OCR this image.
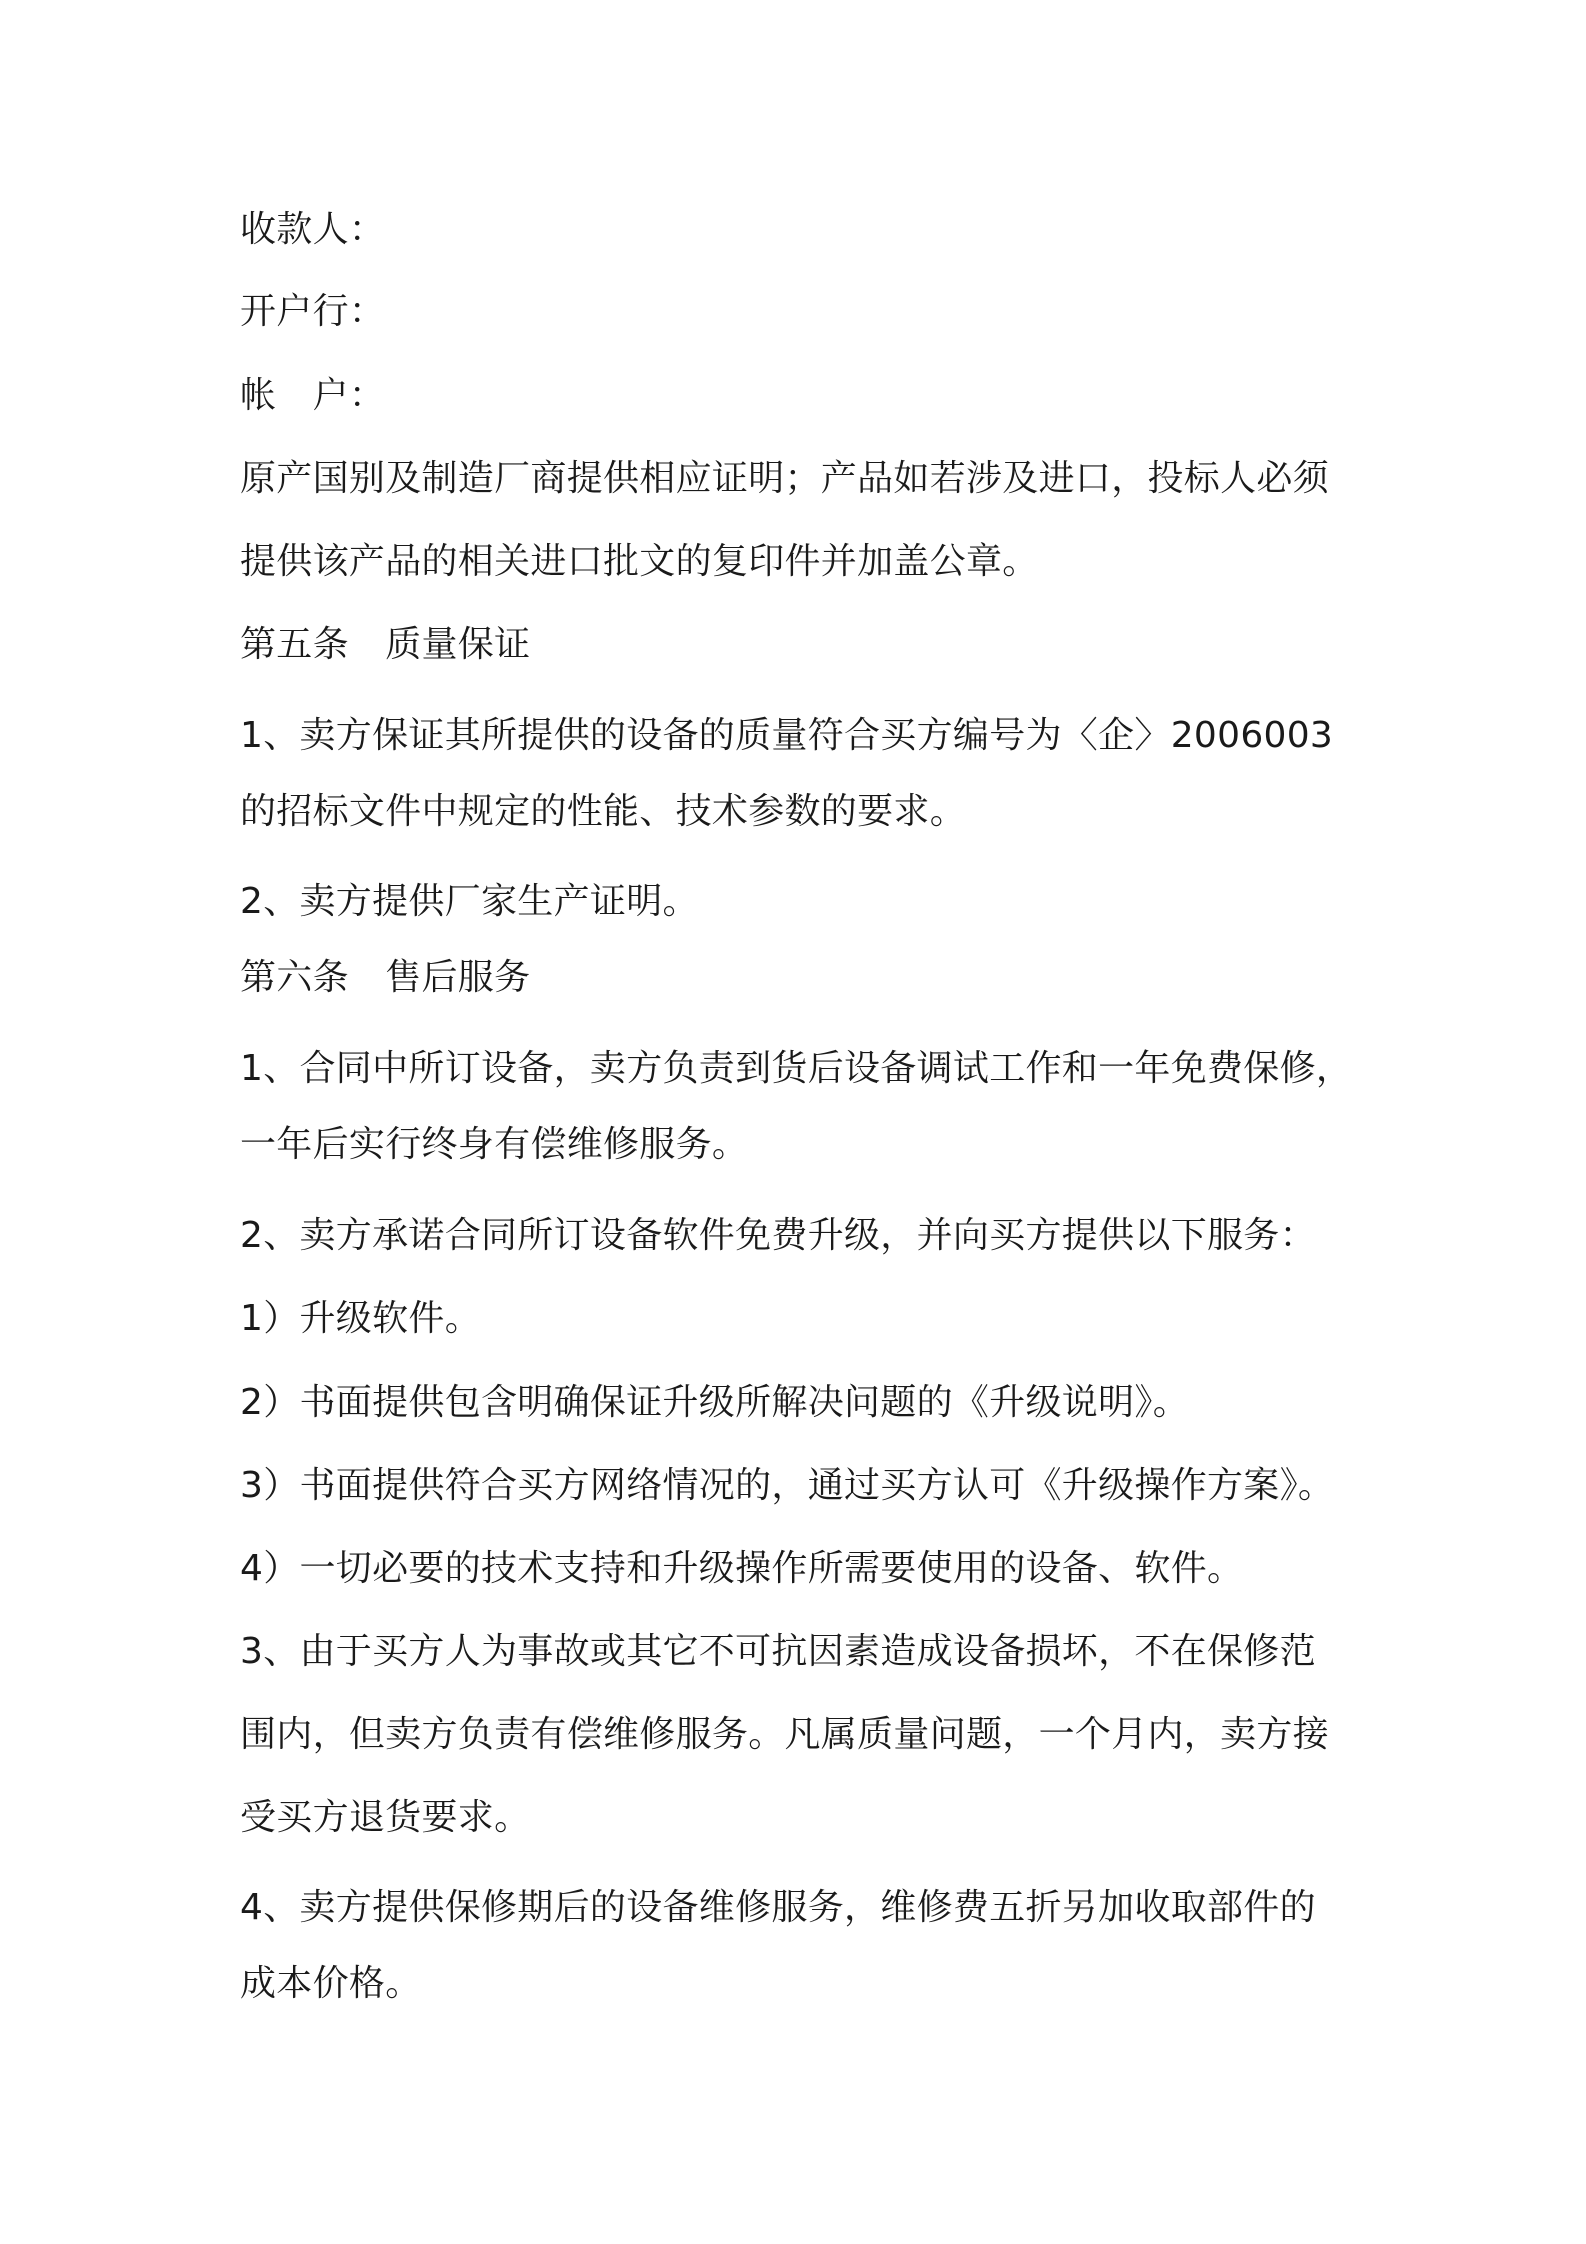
收款人：
开户行：
帐　户：
原产国别及制造厂商提供相应证明；产品如若涉及进口，投标人必须
提供该产品的相关进口批文的复印件并加盖公章。
第五条　质量保证
1、卖方保证其所提供的设备的质量符合买方编号为〈企〉2006003
的招标文件中规定的性能、技术参数的要求。
2、卖方提供厂家生产证明。
第六条　售后服务
1、合同中所订设备，卖方负责到货后设备调试工作和一年免费保修，
一年后实行终身有偿维修服务。
2、卖方承诺合同所订设备软件免费升级，并向买方提供以下服务：
1）升级软件。
2）书面提供包含明确保证升级所解决问题的《升级说明》。
3）书面提供符合买方网络情况的，通过买方认可《升级操作方案》。
4）一切必要的技术支持和升级操作所需要使用的设备、软件。
3、由于买方人为事故或其它不可抗因素造成设备损坏，不在保修范
围内，但卖方负责有偿维修服务。凡属质量问题，一个月内，卖方接
受买方退货要求。
4、卖方提供保修期后的设备维修服务，维修费五折另加收取部件的
成本价格。
